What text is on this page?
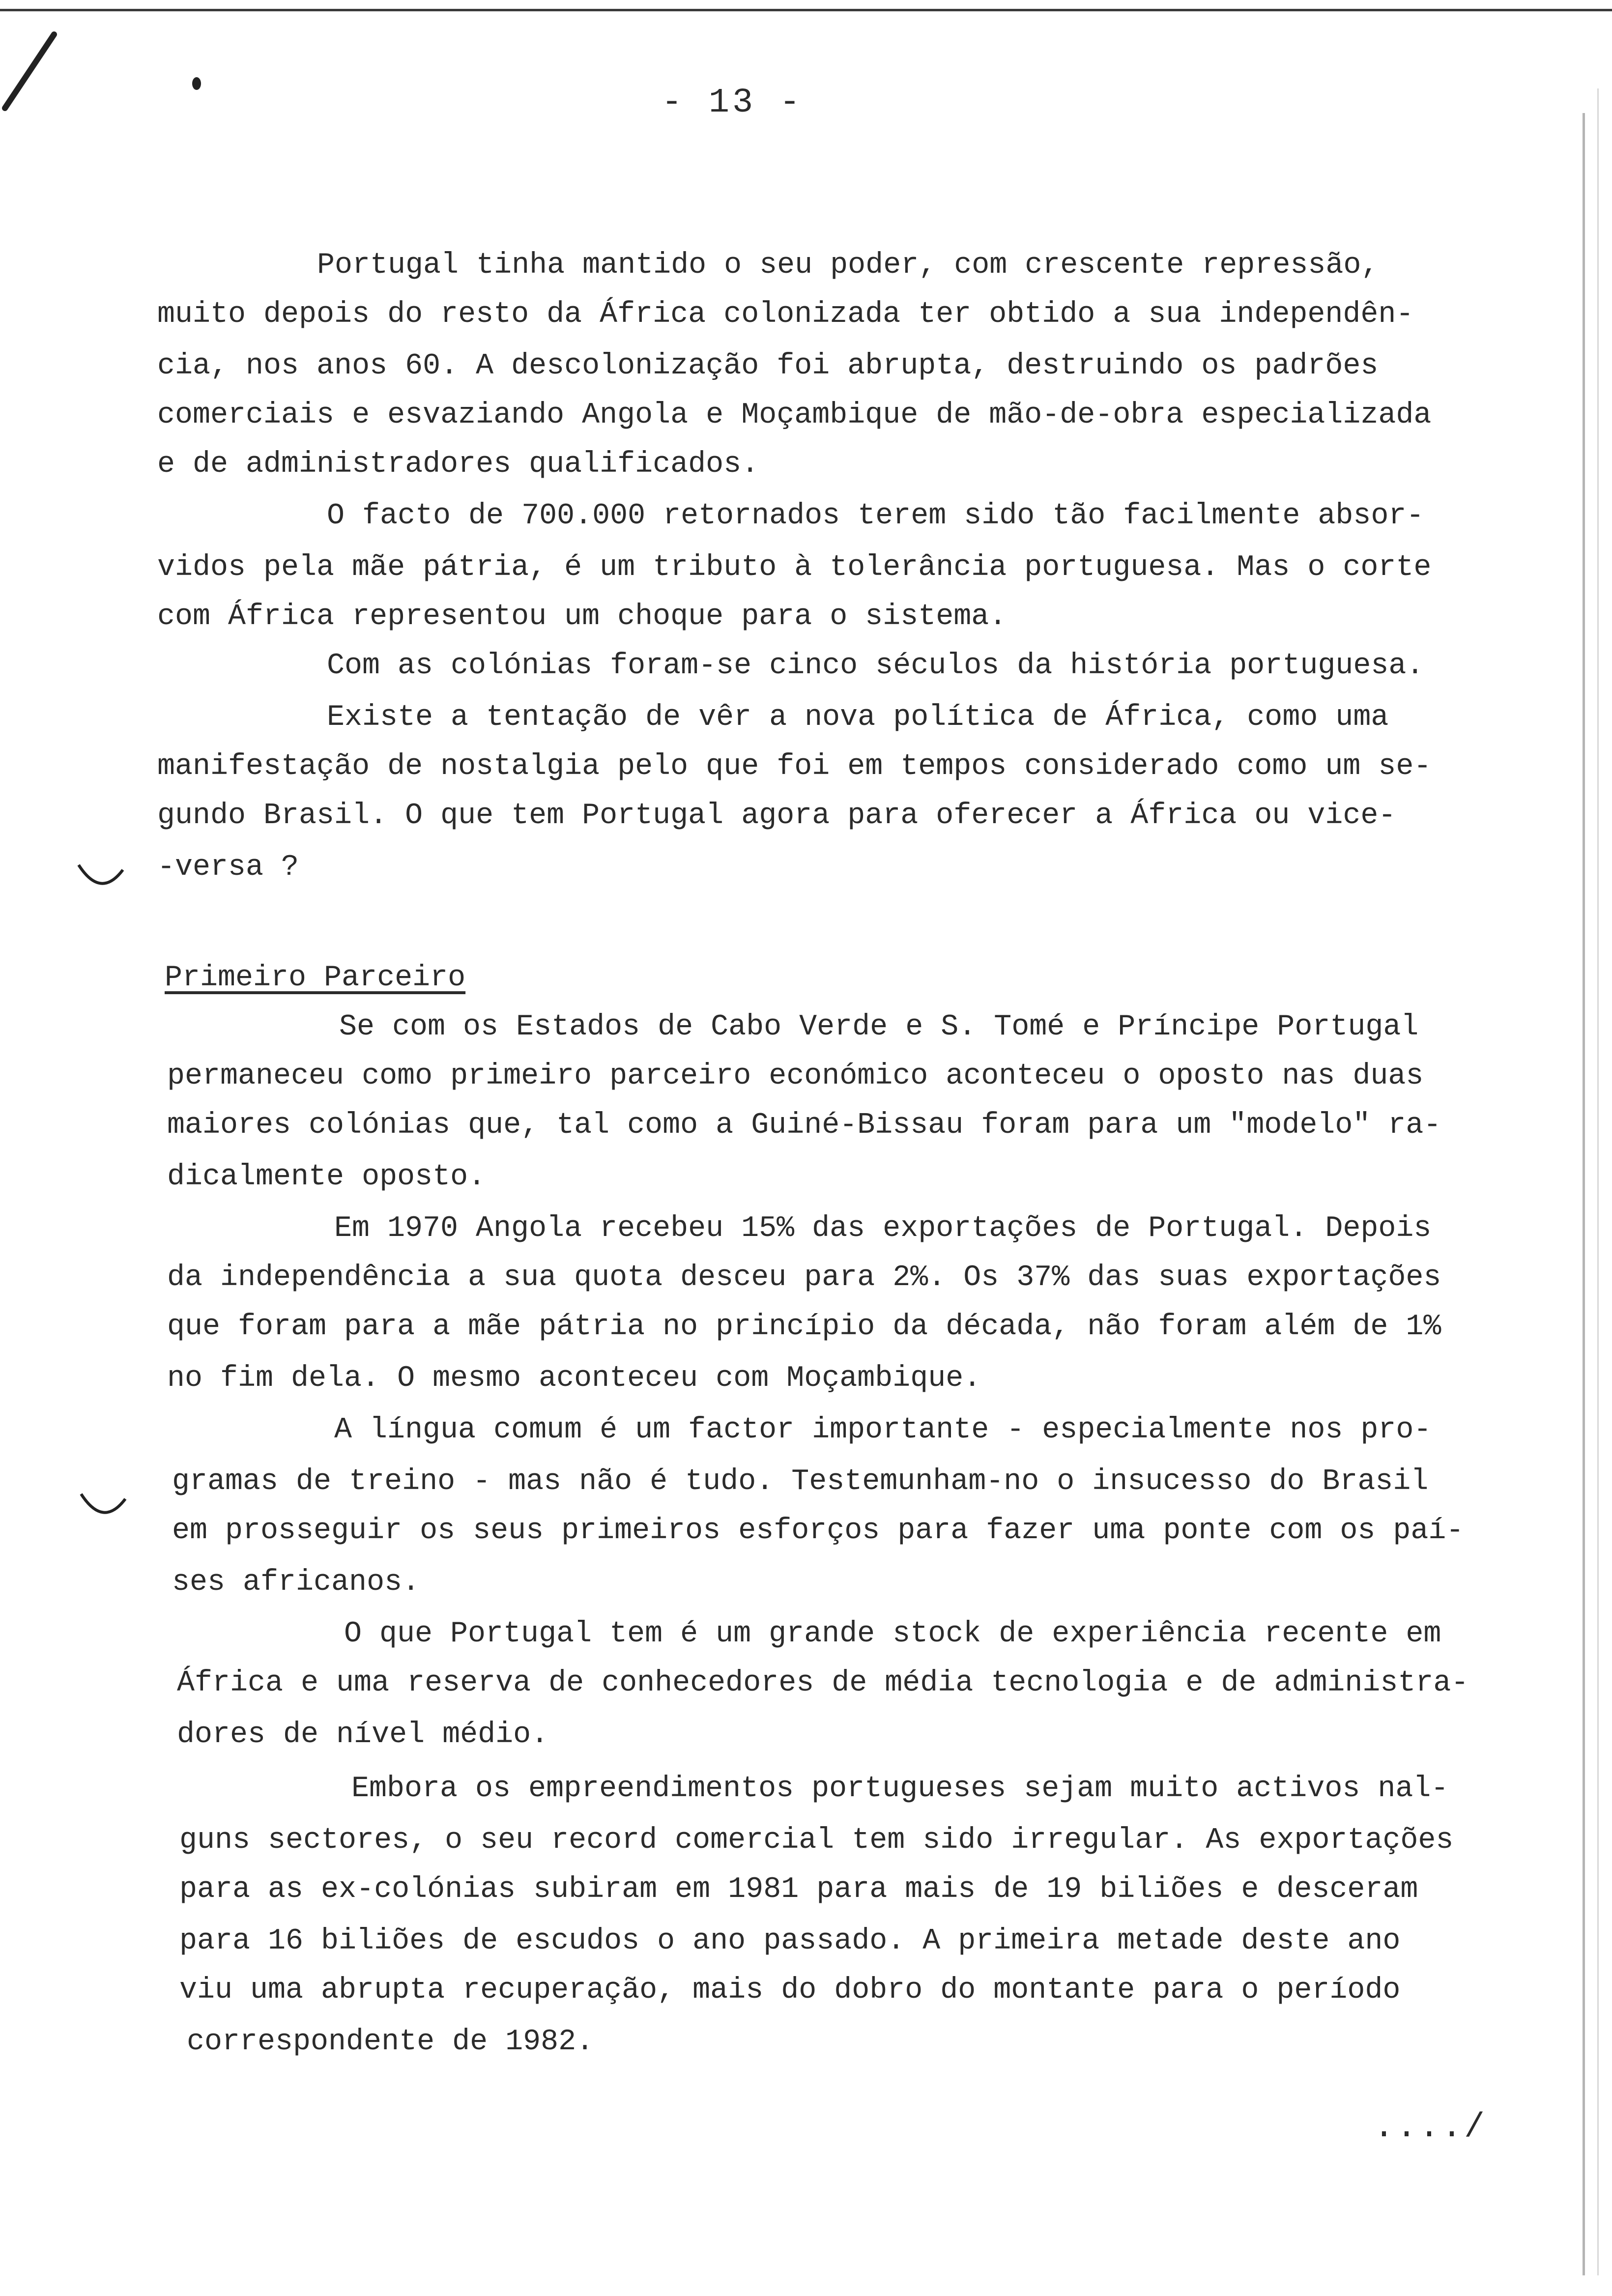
- 13 -
Portugal tinha mantido o seu poder, com crescente repressão,
muito depois do resto da África colonizada ter obtido a sua independên-
cia, nos anos 60. A descolonização foi abrupta, destruindo os padrões
comerciais e esvaziando Angola e Moçambique de mão-de-obra especializada
e de administradores qualificados.
O facto de 700.000 retornados terem sido tão facilmente absor-
vidos pela mãe pátria, é um tributo à tolerância portuguesa. Mas o corte
com África representou um choque para o sistema.
Com as colónias foram-se cinco séculos da história portuguesa.
Existe a tentação de vêr a nova política de África, como uma
manifestação de nostalgia pelo que foi em tempos considerado como um se-
gundo Brasil. O que tem Portugal agora para oferecer a África ou vice-
-versa ?
Primeiro Parceiro
Se com os Estados de Cabo Verde e S. Tomé e Príncipe Portugal
permaneceu como primeiro parceiro económico aconteceu o oposto nas duas
maiores colónias que, tal como a Guiné-Bissau foram para um "modelo" ra-
dicalmente oposto.
Em 1970 Angola recebeu 15% das exportações de Portugal. Depois
da independência a sua quota desceu para 2%. Os 37% das suas exportações
que foram para a mãe pátria no princípio da década, não foram além de 1%
no fim dela. O mesmo aconteceu com Moçambique.
A língua comum é um factor importante - especialmente nos pro-
gramas de treino - mas não é tudo. Testemunham-no o insucesso do Brasil
em prosseguir os seus primeiros esforços para fazer uma ponte com os paí-
ses africanos.
O que Portugal tem é um grande stock de experiência recente em
África e uma reserva de conhecedores de média tecnologia e de administra-
dores de nível médio.
Embora os empreendimentos portugueses sejam muito activos nal-
guns sectores, o seu record comercial tem sido irregular. As exportações
para as ex-colónias subiram em 1981 para mais de 19 biliões e desceram
para 16 biliões de escudos o ano passado. A primeira metade deste ano
viu uma abrupta recuperação, mais do dobro do montante para o período
correspondente de 1982.
..../
